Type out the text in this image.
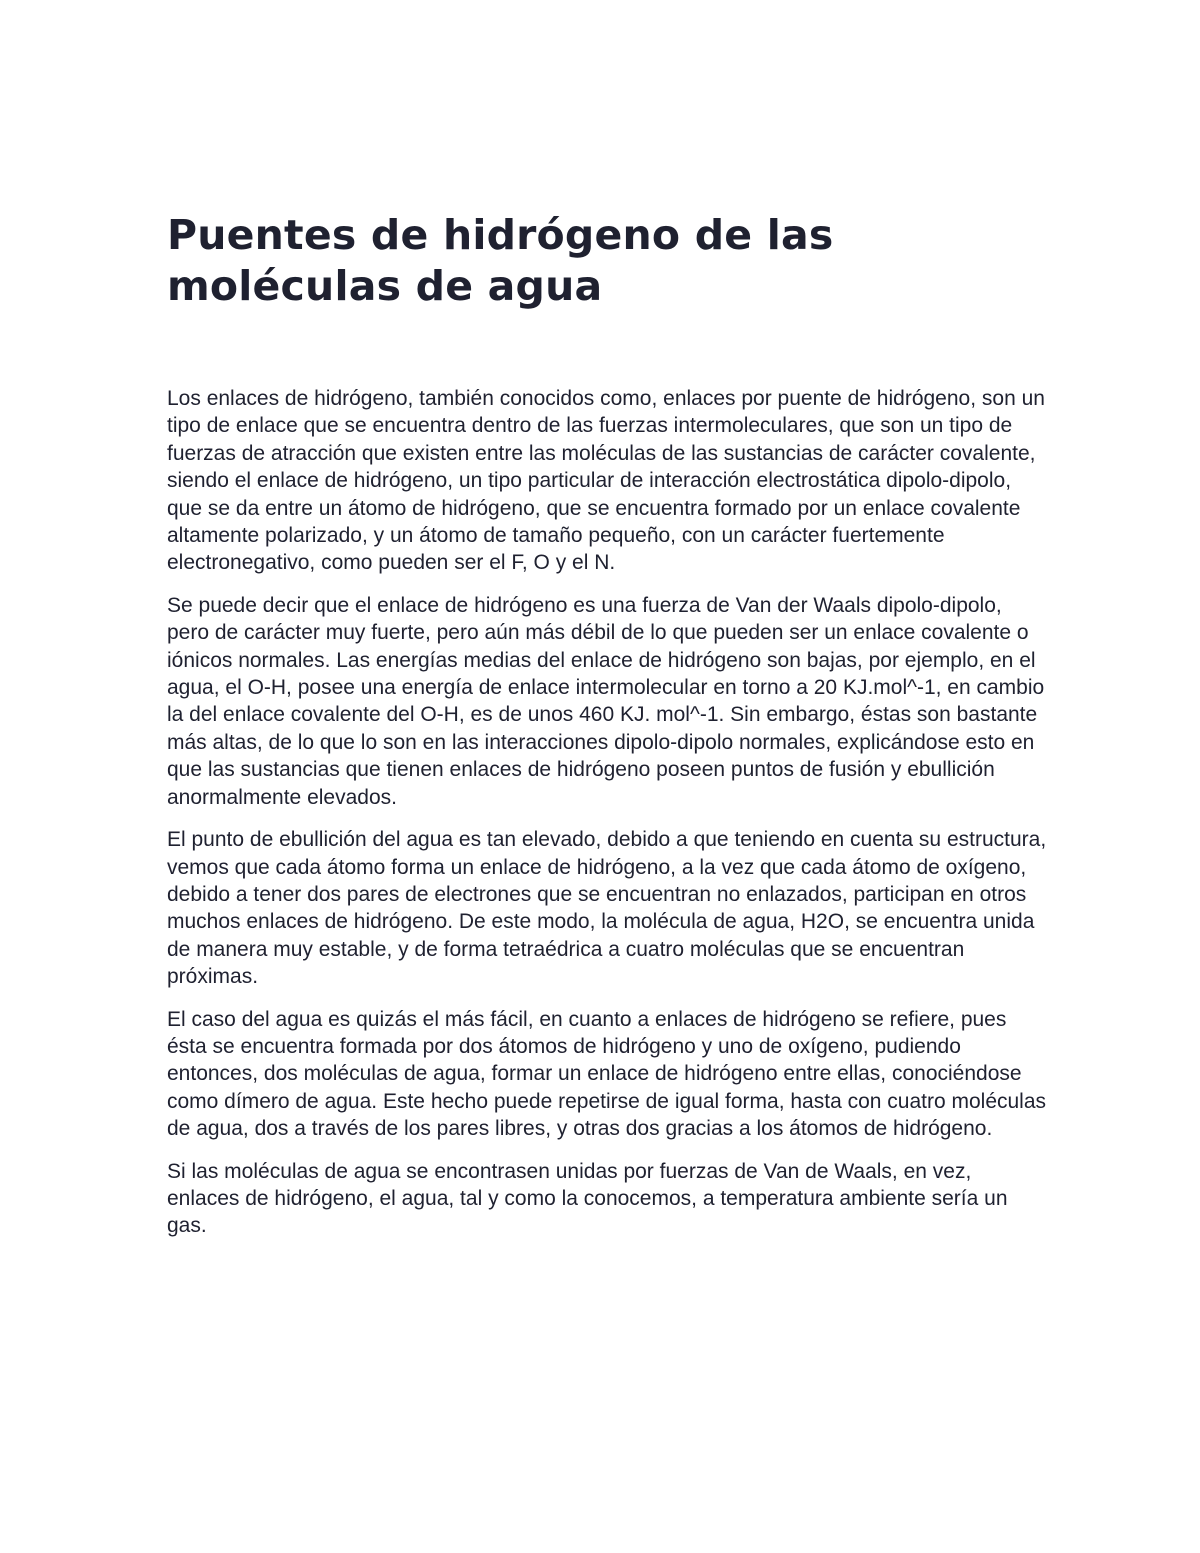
Puentes de hidrógeno de las moléculas de agua

Los enlaces de hidrógeno, también conocidos como, enlaces por puente de hidrógeno, son un tipo de enlace que se encuentra dentro de las fuerzas intermoleculares, que son un tipo de fuerzas de atracción que existen entre las moléculas de las sustancias de carácter covalente, siendo el enlace de hidrógeno, un tipo particular de interacción electrostática dipolo-dipolo, que se da entre un átomo de hidrógeno, que se encuentra formado por un enlace covalente altamente polarizado, y un átomo de tamaño pequeño, con un carácter fuertemente electronegativo, como pueden ser el F, O y el N.

Se puede decir que el enlace de hidrógeno es una fuerza de Van der Waals dipolo-dipolo, pero de carácter muy fuerte, pero aún más débil de lo que pueden ser un enlace covalente o iónicos normales. Las energías medias del enlace de hidrógeno son bajas, por ejemplo, en el agua, el O-H, posee una energía de enlace intermolecular en torno a 20 KJ.mol^-1, en cambio la del enlace covalente del O-H, es de unos 460 KJ. mol^-1. Sin embargo, éstas son bastante más altas, de lo que lo son en las interacciones dipolo-dipolo normales, explicándose esto en que las sustancias que tienen enlaces de hidrógeno poseen puntos de fusión y ebullición anormalmente elevados.

El punto de ebullición del agua es tan elevado, debido a que teniendo en cuenta su estructura, vemos que cada átomo forma un enlace de hidrógeno, a la vez que cada átomo de oxígeno, debido a tener dos pares de electrones que se encuentran no enlazados, participan en otros muchos enlaces de hidrógeno. De este modo, la molécula de agua, H2O, se encuentra unida de manera muy estable, y de forma tetraédrica a cuatro moléculas que se encuentran próximas.

El caso del agua es quizás el más fácil, en cuanto a enlaces de hidrógeno se refiere, pues ésta se encuentra formada por dos átomos de hidrógeno y uno de oxígeno, pudiendo entonces, dos moléculas de agua, formar un enlace de hidrógeno entre ellas, conociéndose como dímero de agua. Este hecho puede repetirse de igual forma, hasta con cuatro moléculas de agua, dos a través de los pares libres, y otras dos gracias a los átomos de hidrógeno.

Si las moléculas de agua se encontrasen unidas por fuerzas de Van de Waals, en vez, enlaces de hidrógeno, el agua, tal y como la conocemos, a temperatura ambiente sería un gas.
